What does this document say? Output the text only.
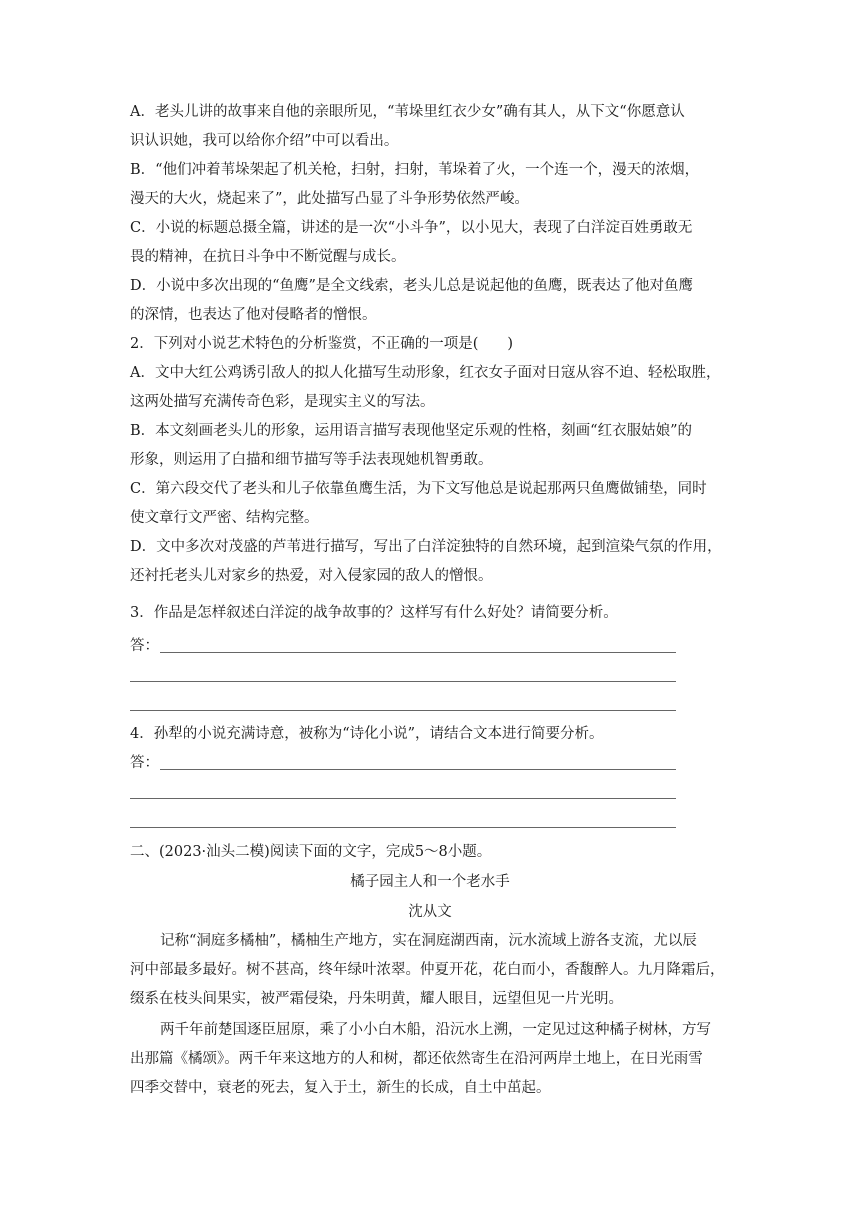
A．老头儿讲的故事来自他的亲眼所见，“苇垛里红衣少女”确有其人，从下文“你愿意认
识认识她，我可以给你介绍”中可以看出。
B．“他们冲着苇垛架起了机关枪，扫射，扫射，苇垛着了火，一个连一个，漫天的浓烟，
漫天的大火，烧起来了”，此处描写凸显了斗争形势依然严峻。
C．小说的标题总摄全篇，讲述的是一次“小斗争”，以小见大，表现了白洋淀百姓勇敢无
畏的精神，在抗日斗争中不断觉醒与成长。
D．小说中多次出现的“鱼鹰”是全文线索，老头儿总是说起他的鱼鹰，既表达了他对鱼鹰
的深情，也表达了他对侵略者的憎恨。
2．下列对小说艺术特色的分析鉴赏，不正确的一项是(　　)
A．文中大红公鸡诱引敌人的拟人化描写生动形象，红衣女子面对日寇从容不迫、轻松取胜，
这两处描写充满传奇色彩，是现实主义的写法。
B．本文刻画老头儿的形象，运用语言描写表现他坚定乐观的性格，刻画“红衣服姑娘”的
形象，则运用了白描和细节描写等手法表现她机智勇敢。
C．第六段交代了老头和儿子依靠鱼鹰生活，为下文写他总是说起那两只鱼鹰做铺垫，同时
使文章行文严密、结构完整。
D．文中多次对茂盛的芦苇进行描写，写出了白洋淀独特的自然环境，起到渲染气氛的作用，
还衬托老头儿对家乡的热爱，对入侵家园的敌人的憎恨。
3．作品是怎样叙述白洋淀的战争故事的？这样写有什么好处？请简要分析。
答：
4．孙犁的小说充满诗意，被称为“诗化小说”，请结合文本进行简要分析。
答：
二、(2023·汕头二模)阅读下面的文字，完成5～8小题。
橘子园主人和一个老水手
沈从文
记称“洞庭多橘柚”，橘柚生产地方，实在洞庭湖西南，沅水流域上游各支流，尤以辰
河中部最多最好。树不甚高，终年绿叶浓翠。仲夏开花，花白而小，香馥醉人。九月降霜后，
缀系在枝头间果实，被严霜侵染，丹朱明黄，耀人眼目，远望但见一片光明。
两千年前楚国逐臣屈原，乘了小小白木船，沿沅水上溯，一定见过这种橘子树林，方写
出那篇《橘颂》。两千年来这地方的人和树，都还依然寄生在沿河两岸土地上，在日光雨雪
四季交替中，衰老的死去，复入于土，新生的长成，自土中茁起。
